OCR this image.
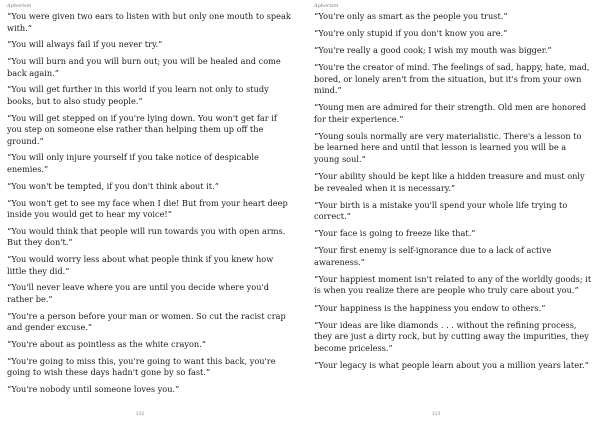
Aphorism
“You were given two ears to listen with but only one mouth to speak with.”
“You will always fail if you never try.”
“You will burn and you will burn out; you will be healed and come back again.”
“You will get further in this world if you learn not only to study books, but to also study people.”
“You will get stepped on if you're lying down. You won't get far if you step on someone else rather than helping them up off the ground.”
“You will only injure yourself if you take notice of despicable enemies.”
“You won't be tempted, if you don't think about it.”
“You won't get to see my face when I die! But from your heart deep inside you would get to hear my voice!”
“You would think that people will run towards you with open arms. But they don't.”
“You would worry less about what people think if you knew how little they did.”
“You'll never leave where you are until you decide where you'd rather be.”
“You're a person before your man or women. So cut the racist crap and gender excuse.”
“You're about as pointless as the white crayon.”
“You're going to miss this, you're going to want this back, you're going to wish these days hadn't gone by so fast.”
“You're nobody until someone loves you.”
112
Aphorism
“You're only as smart as the people you trust.”
“You're only stupid if you don't know you are.”
“You're really a good cook; I wish my mouth was bigger.”
“You're the creator of mind. The feelings of sad, happy, hate, mad, bored, or lonely aren't from the situation, but it's from your own mind.”
“Young men are admired for their strength. Old men are honored for their experience.”
“Young souls normally are very materialistic. There's a lesson to be learned here and until that lesson is learned you will be a young soul.”
“Your ability should be kept like a hidden treasure and must only be revealed when it is necessary.”
“Your birth is a mistake you'll spend your whole life trying to correct.”
“Your face is going to freeze like that.”
“Your first enemy is self-ignorance due to a lack of active awareness.”
“Your happiest moment isn't related to any of the worldly goods; it is when you realize there are people who truly care about you.”
“Your happiness is the happiness you endow to others.”
“Your ideas are like diamonds . . . without the refining process, they are just a dirty rock, but by cutting away the impurities, they become priceless.”
“Your legacy is what people learn about you a million years later.”
113
